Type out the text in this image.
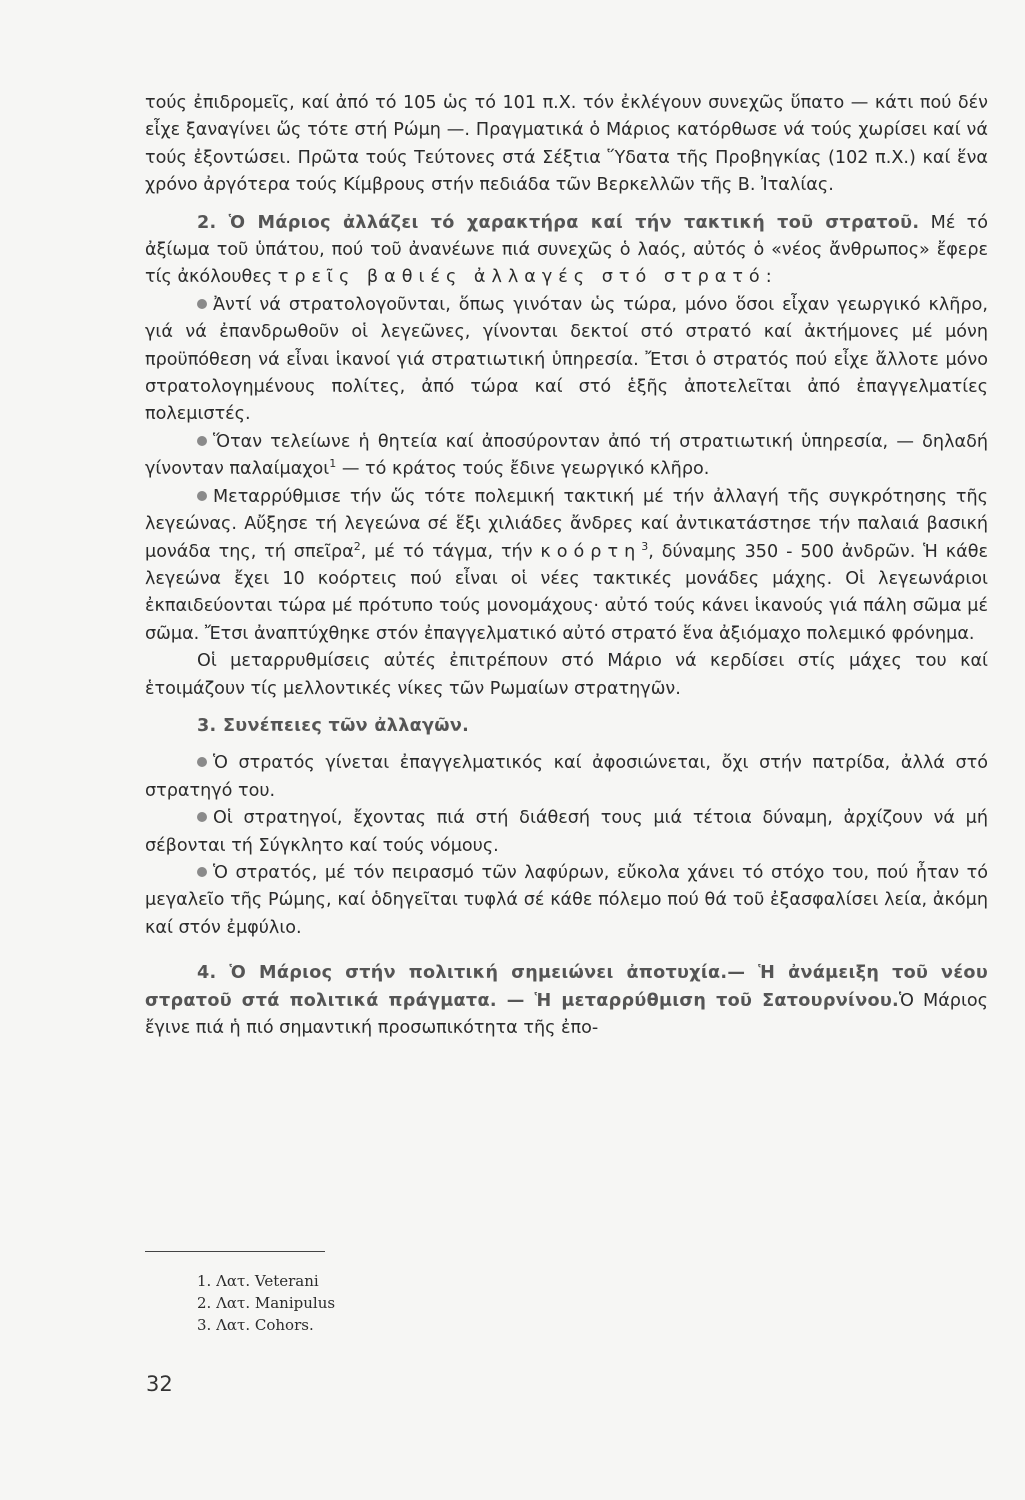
τούς ἐπιδρομεῖς, καί ἀπό τό 105 ὡς τό 101 π.Χ. τόν ἐκλέγουν συνεχῶς ὕπατο — κάτι πού δέν εἶχε ξαναγίνει ὥς τότε στή Ρώμη —. Πραγματικά ὁ Μάριος κατόρθωσε νά τούς χωρίσει καί νά τούς ἐξοντώσει. Πρῶτα τούς Τεύτονες στά Σέξτια Ὕδατα τῆς Προβηγκίας (102 π.Χ.) καί ἕνα χρόνο ἀργότερα τούς Κίμβρους στήν πεδιάδα τῶν Βερκελλῶν τῆς Β. Ἰταλίας.

2. Ὁ Μάριος ἀλλάζει τό χαρακτήρα καί τήν τακτική τοῦ στρατοῦ. Μέ τό ἀξίωμα τοῦ ὑπάτου, πού τοῦ ἀνανέωνε πιά συνεχῶς ὁ λαός, αὐτός ὁ «νέος ἄνθρωπος» ἔφερε τίς ἀκόλουθες τρεῖς βαθιές ἀλλαγές στό στρατό:

Ἀντί νά στρατολογοῦνται, ὅπως γινόταν ὡς τώρα, μόνο ὅσοι εἶχαν γεωργικό κλῆρο, γιά νά ἐπανδρωθοῦν οἱ λεγεῶνες, γίνονται δεκτοί στό στρατό καί ἀκτήμονες μέ μόνη προϋπόθεση νά εἶναι ἱκανοί γιά στρατιωτική ὑπηρεσία. Ἔτσι ὁ στρατός πού εἶχε ἄλλοτε μόνο στρατολογημένους πολίτες, ἀπό τώρα καί στό ἑξῆς ἀποτελεῖται ἀπό ἐπαγγελματίες πολεμιστές.

Ὅταν τελείωνε ἡ θητεία καί ἀποσύρονταν ἀπό τή στρατιωτική ὑπηρεσία, — δηλαδή γίνονταν παλαίμαχοι$^1$ — τό κράτος τούς ἔδινε γεωργικό κλῆρο.

Μεταρρύθμισε τήν ὥς τότε πολεμική τακτική μέ τήν ἀλλαγή τῆς συγκρότησης τῆς λεγεώνας. Αὔξησε τή λεγεώνα σέ ἕξι χιλιάδες ἄνδρες καί ἀντικατάστησε τήν παλαιά βασική μονάδα της, τή σπεῖρα$^2$, μέ τό τάγμα, τήν κοόρτη$^3$, δύναμης 350 - 500 ἀνδρῶν. Ἡ κάθε λεγεώνα ἔχει 10 κοόρτεις πού εἶναι οἱ νέες τακτικές μονάδες μάχης. Οἱ λεγεωνάριοι ἐκπαιδεύονται τώρα μέ πρότυπο τούς μονομάχους· αὐτό τούς κάνει ἱκανούς γιά πάλη σῶμα μέ σῶμα. Ἔτσι ἀναπτύχθηκε στόν ἐπαγγελματικό αὐτό στρατό ἕνα ἀξιόμαχο πολεμικό φρόνημα.

Οἱ μεταρρυθμίσεις αὐτές ἐπιτρέπουν στό Μάριο νά κερδίσει στίς μάχες του καί ἑτοιμάζουν τίς μελλοντικές νίκες τῶν Ρωμαίων στρατηγῶν.

3. Συνέπειες τῶν ἀλλαγῶν.

Ὁ στρατός γίνεται ἐπαγγελματικός καί ἀφοσιώνεται, ὄχι στήν πατρίδα, ἀλλά στό στρατηγό του.

Οἱ στρατηγοί, ἔχοντας πιά στή διάθεσή τους μιά τέτοια δύναμη, ἀρχίζουν νά μή σέβονται τή Σύγκλητο καί τούς νόμους.

Ὁ στρατός, μέ τόν πειρασμό τῶν λαφύρων, εὔκολα χάνει τό στόχο του, πού ἦταν τό μεγαλεῖο τῆς Ρώμης, καί ὁδηγεῖται τυφλά σέ κάθε πόλεμο πού θά τοῦ ἐξασφαλίσει λεία, ἀκόμη καί στόν ἐμφύλιο.

4. Ὁ Μάριος στήν πολιτική σημειώνει ἀποτυχία.— Ἡ ἀνάμειξη τοῦ νέου στρατοῦ στά πολιτικά πράγματα. — Ἡ μεταρρύθμιση τοῦ Σατουρνίνου.Ὁ Μάριος ἔγινε πιά ἡ πιό σημαντική προσωπικότητα τῆς ἐπο-

1. Λατ. Veterani
2. Λατ. Manipulus
3. Λατ. Cohors.
32
